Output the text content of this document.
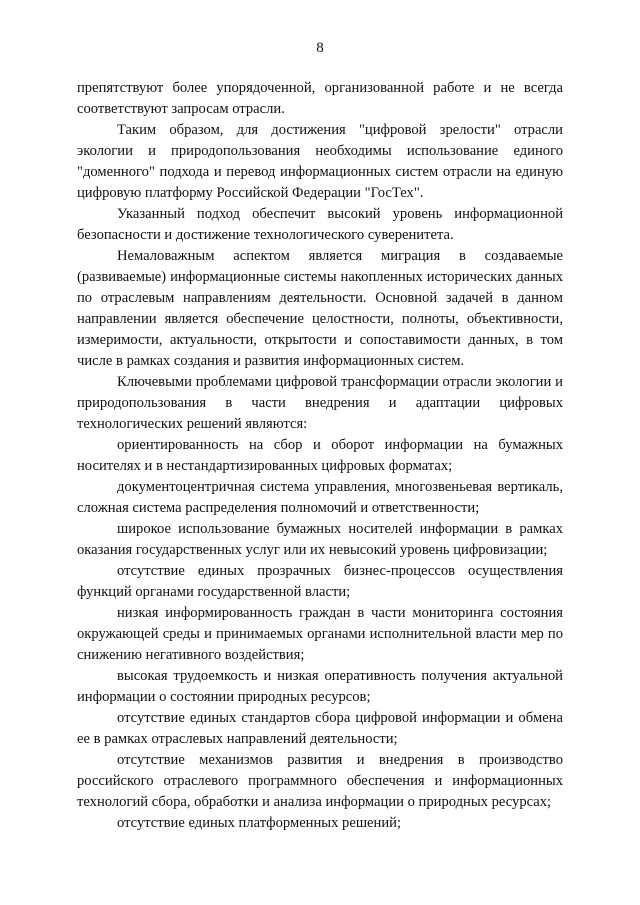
8

препятствуют более упорядоченной, организованной работе и не всегда соответствуют запросам отрасли.

Таким образом, для достижения "цифровой зрелости" отрасли экологии и природопользования необходимы использование единого "доменного" подхода и перевод информационных систем отрасли на единую цифровую платформу Российской Федерации "ГосТех".

Указанный подход обеспечит высокий уровень информационной безопасности и достижение технологического суверенитета.

Немаловажным аспектом является миграция в создаваемые (развиваемые) информационные системы накопленных исторических данных по отраслевым направлениям деятельности. Основной задачей в данном направлении является обеспечение целостности, полноты, объективности, измеримости, актуальности, открытости и сопоставимости данных, в том числе в рамках создания и развития информационных систем.

Ключевыми проблемами цифровой трансформации отрасли экологии и природопользования в части внедрения и адаптации цифровых технологических решений являются:

ориентированность на сбор и оборот информации на бумажных носителях и в нестандартизированных цифровых форматах;

документоцентричная система управления, многозвеньевая вертикаль, сложная система распределения полномочий и ответственности;

широкое использование бумажных носителей информации в рамках оказания государственных услуг или их невысокий уровень цифровизации;

отсутствие единых прозрачных бизнес-процессов осуществления функций органами государственной власти;

низкая информированность граждан в части мониторинга состояния окружающей среды и принимаемых органами исполнительной власти мер по снижению негативного воздействия;

высокая трудоемкость и низкая оперативность получения актуальной информации о состоянии природных ресурсов;

отсутствие единых стандартов сбора цифровой информации и обмена ее в рамках отраслевых направлений деятельности;

отсутствие механизмов развития и внедрения в производство российского отраслевого программного обеспечения и информационных технологий сбора, обработки и анализа информации о природных ресурсах;

отсутствие единых платформенных решений;
